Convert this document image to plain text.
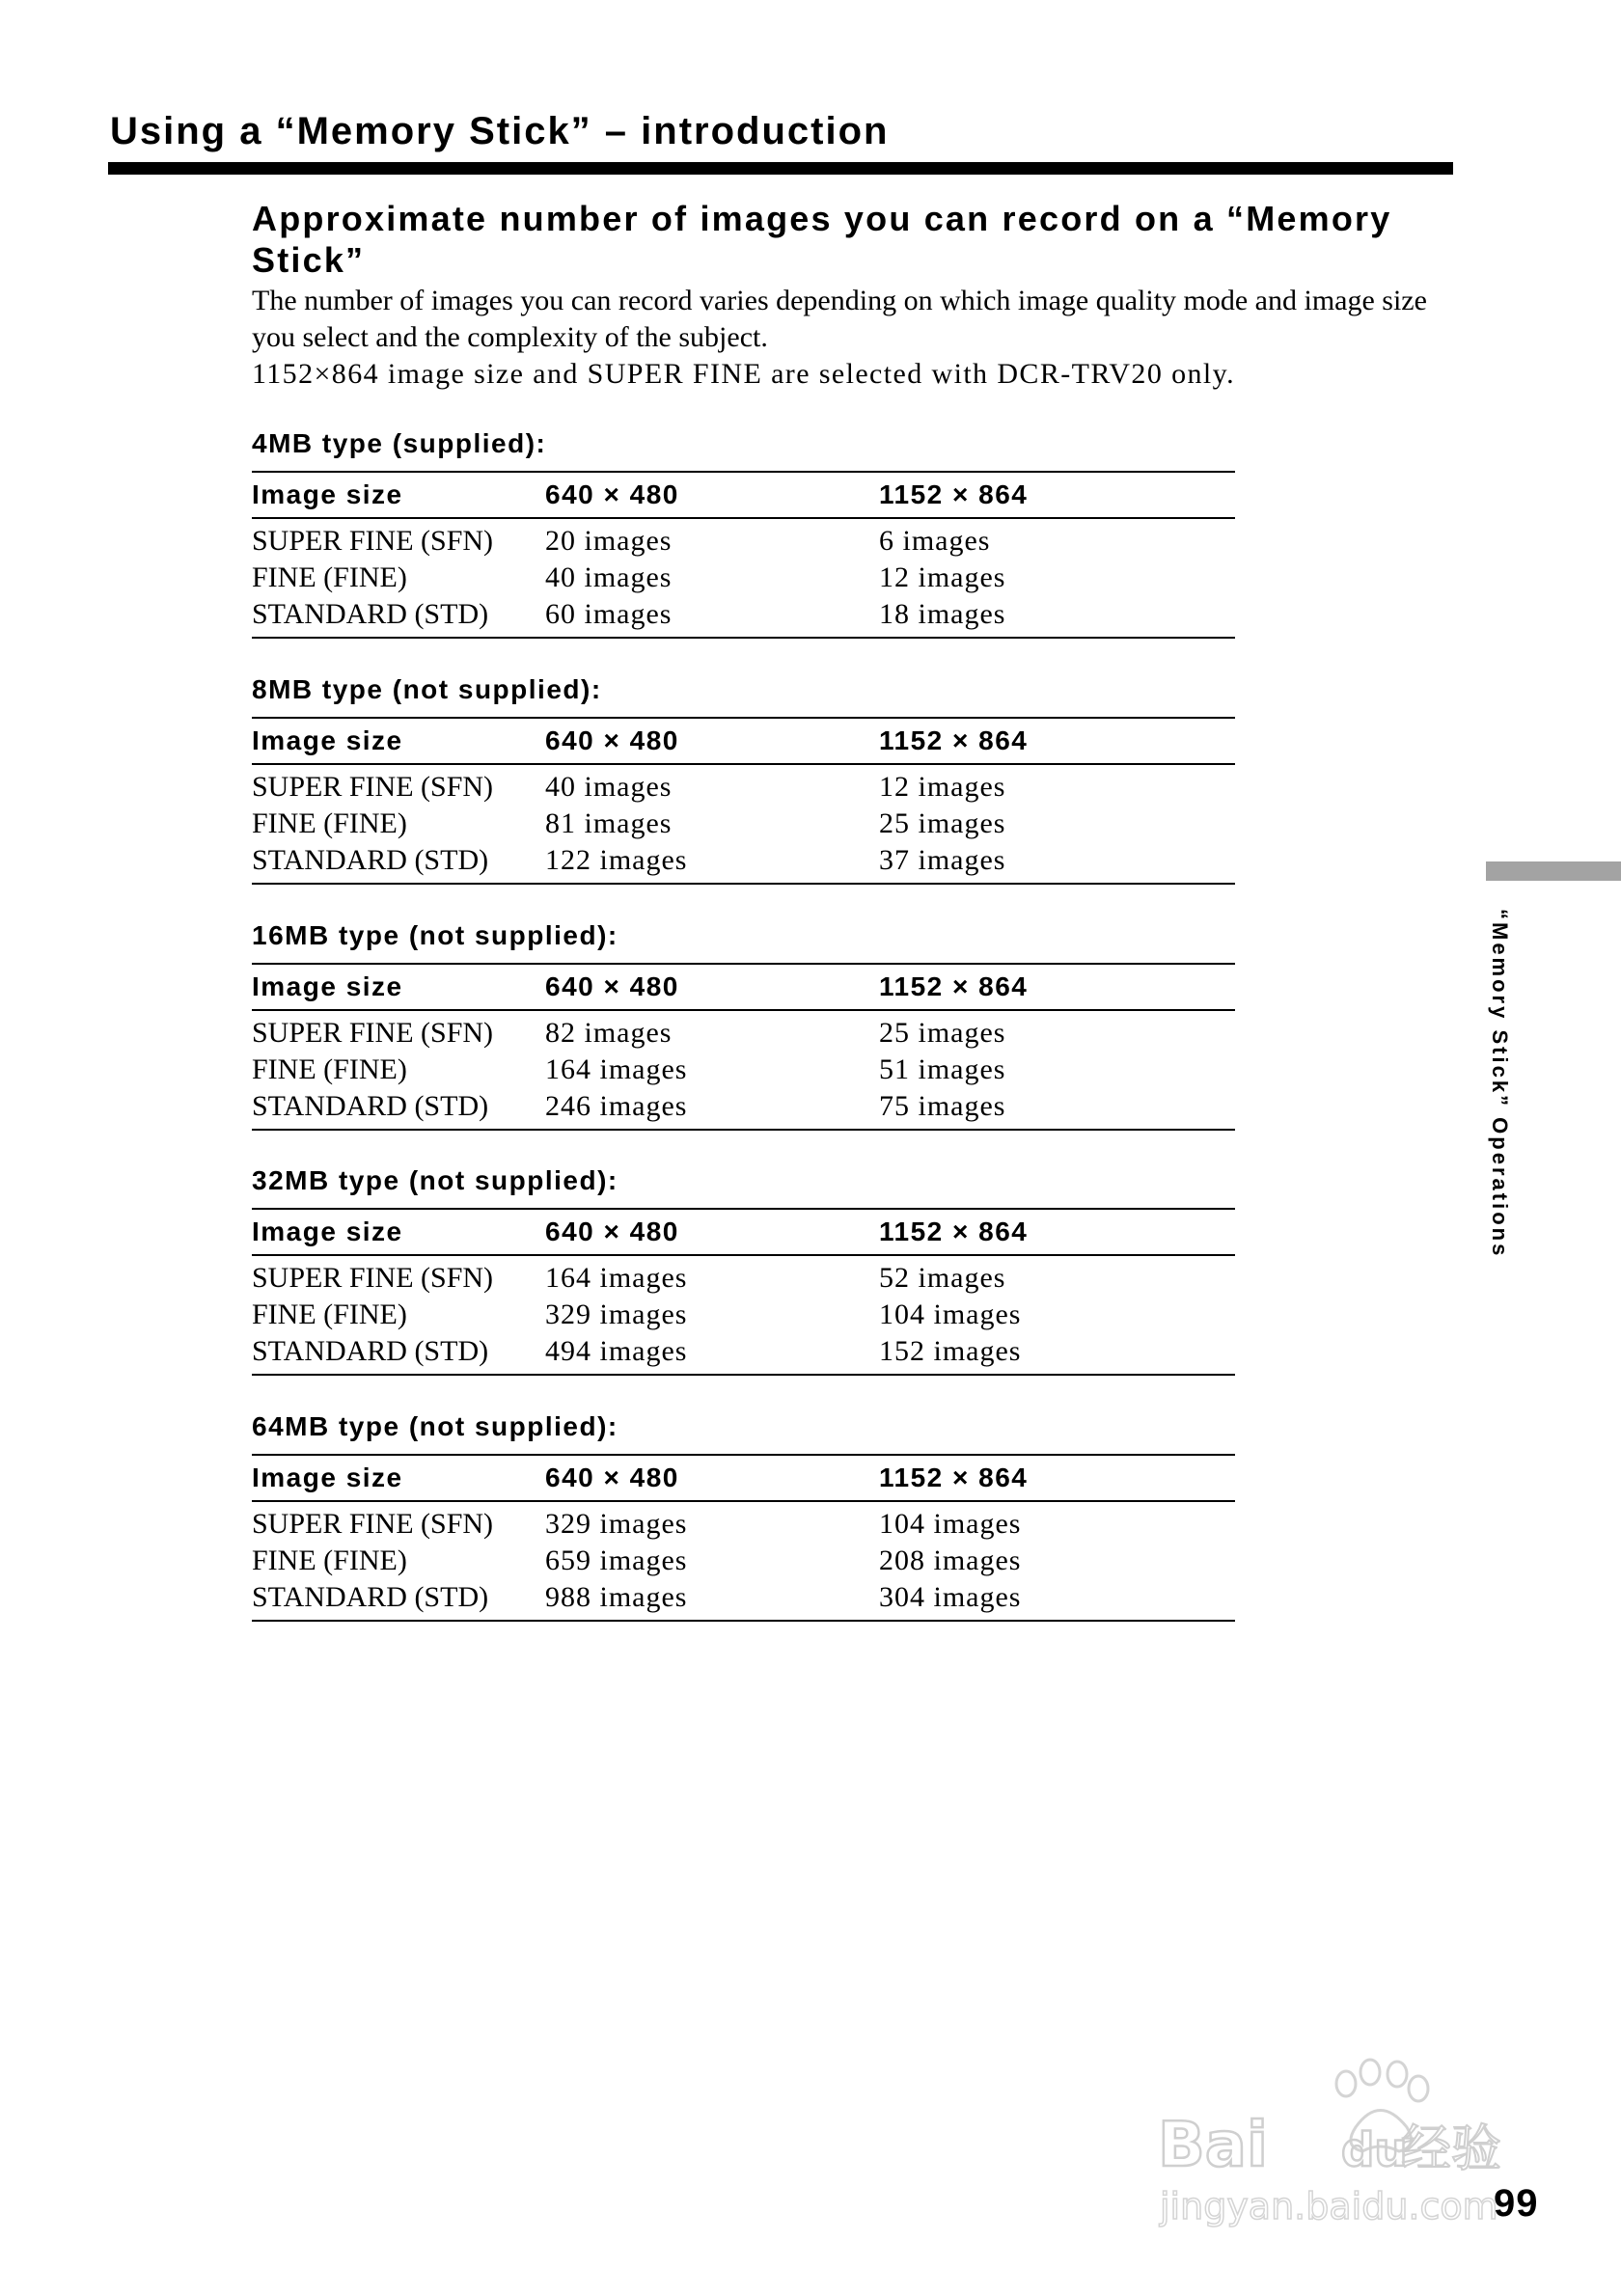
Using a “Memory Stick” – introduction
Approximate number of images you can record on a “Memory Stick”

The number of images you can record varies depending on which image quality mode and image size you select and the complexity of the subject.

1152×864 image size and SUPER FINE are selected with DCR-TRV20 only.

4MB type (supplied):
Image size	640 × 480	1152 × 864
SUPER FINE (SFN) 20 images	6 images
FINE (FINE)	40 images	12 images
STANDARD (STD) 60 images	18 images
8MB type (not supplied):
Image size	640 × 480	1152 × 864
SUPER FINE (SFN) 40 images	12 images
FINE (FINE)	81 images	25 images
STANDARD (STD) 122 images	37 images
16MB type (not supplied):
Image size	640 × 480	1152 × 864
SUPER FINE (SFN) 82 images	25 images
FINE (FINE)	164 images	51 images
STANDARD (STD) 246 images	75 images
32MB type (not supplied):
Image size	640 × 480	1152 × 864
SUPER FINE (SFN) 164 images	52 images
FINE (FINE)	329 images	104 images
STANDARD (STD) 494 images	152 images
64MB type (not supplied):
Image size	640 × 480	1152 × 864
SUPER FINE (SFN) 329 images	104 images
FINE (FINE)	659 images	208 images
STANDARD (STD) 988 images	304 images
“Memory Stick” Operations
Bai du
经验
jingyan.baidu.com
99
